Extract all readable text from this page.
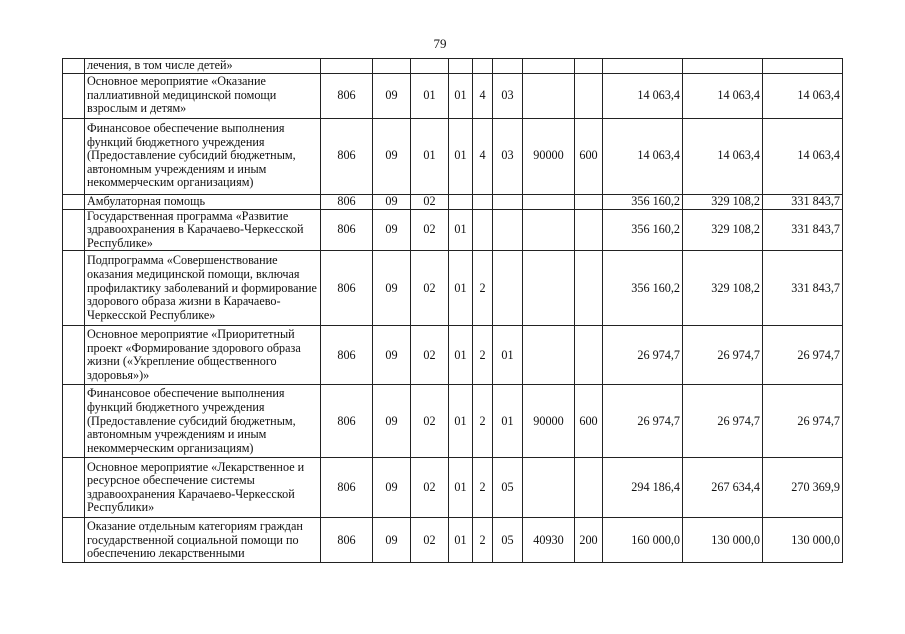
79
	лечения, в том числе детей»											
	Основное мероприятие «Оказание паллиативной медицинской помощи взрослым и детям»	806	09	01	01	4	03			14 063,4	14 063,4	14 063,4
	Финансовое обеспечение выполнения функций бюджетного учреждения (Предоставление субсидий бюджетным, автономным учреждениям и иным некоммерческим организациям)	806	09	01	01	4	03	90000	600	14 063,4	14 063,4	14 063,4
	Амбулаторная помощь	806	09	02						356 160,2	329 108,2	331 843,7
	Государственная программа «Развитие здравоохранения в Карачаево-Черкесской Республике»	806	09	02	01					356 160,2	329 108,2	331 843,7
	Подпрограмма «Совершенствование оказания медицинской помощи, включая профилактику заболеваний и формирование здорового образа жизни в Карачаево-Черкесской Республике»	806	09	02	01	2				356 160,2	329 108,2	331 843,7
	Основное мероприятие «Приоритетный проект «Формирование здорового образа жизни («Укрепление общественного здоровья»)»	806	09	02	01	2	01			26 974,7	26 974,7	26 974,7
	Финансовое обеспечение выполнения функций бюджетного учреждения (Предоставление субсидий бюджетным, автономным учреждениям и иным некоммерческим организациям)	806	09	02	01	2	01	90000	600	26 974,7	26 974,7	26 974,7
	Основное мероприятие «Лекарственное и ресурсное обеспечение системы здравоохранения Карачаево-Черкесской Республики»	806	09	02	01	2	05			294 186,4	267 634,4	270 369,9
	Оказание отдельным категориям граждан государственной социальной помощи по обеспечению лекарственными	806	09	02	01	2	05	40930	200	160 000,0	130 000,0	130 000,0
